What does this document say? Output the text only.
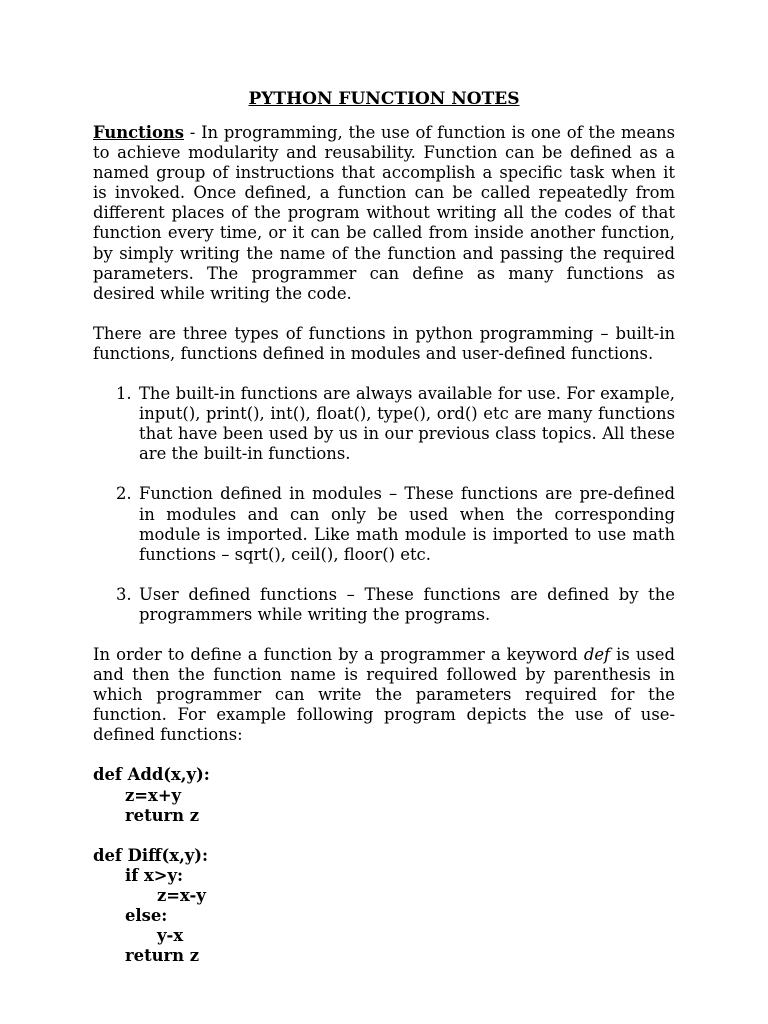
PYTHON FUNCTION NOTES

Functions - In programming, the use of function is one of the means to achieve modularity and reusability. Function can be defined as a named group of instructions that accomplish a specific task when it is invoked. Once defined, a function can be called repeatedly from different places of the program without writing all the codes of that function every time, or it can be called from inside another function, by simply writing the name of the function and passing the required parameters. The programmer can define as many functions as desired while writing the code.

There are three types of functions in python programming – built-in functions, functions defined in modules and user-defined functions.

1. The built-in functions are always available for use. For example, input(), print(), int(), float(), type(), ord() etc are many functions that have been used by us in our previous class topics. All these are the built-in functions.
2. Function defined in modules – These functions are pre-defined in modules and can only be used when the corresponding module is imported. Like math module is imported to use math functions – sqrt(), ceil(), floor() etc.
3. User defined functions – These functions are defined by the programmers while writing the programs.

In order to define a function by a programmer a keyword def is used and then the function name is required followed by parenthesis in which programmer can write the parameters required for the function. For example following program depicts the use of use-defined functions:

def Add(x,y):
z=x+y
return z
def Diff(x,y):
if x>y:
z=x-y
else:
y-x
return z
